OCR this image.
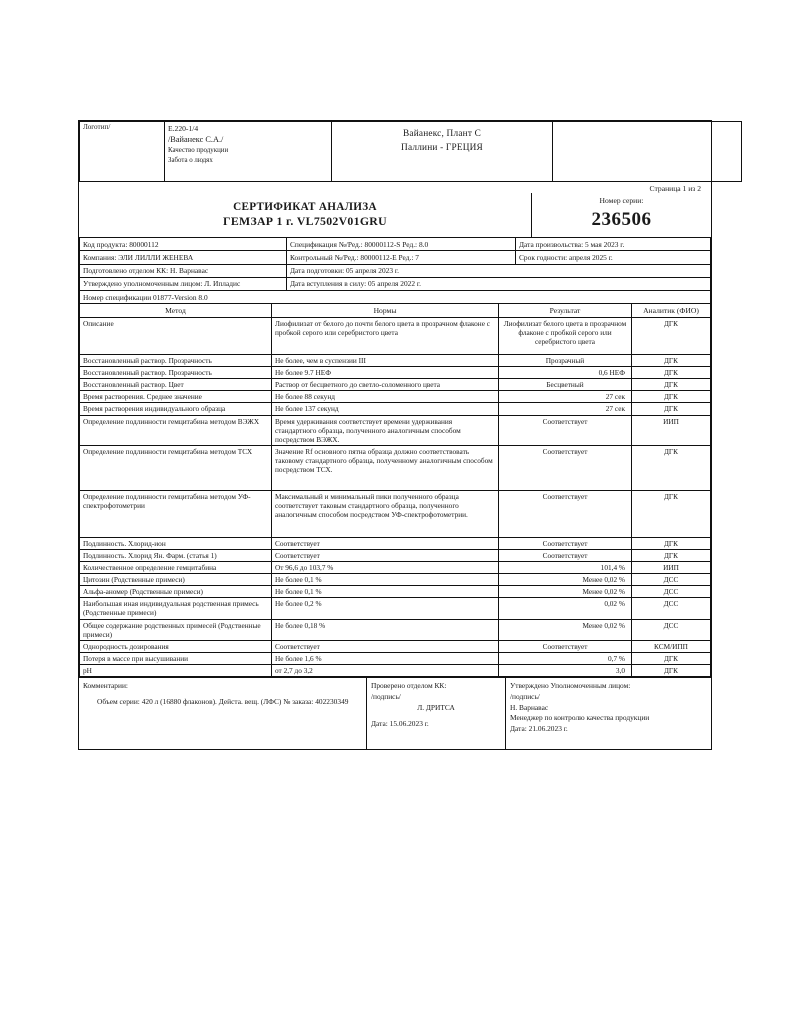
Логотип/	E.220-1/4
/Вайанекс С.А./
Качество продукции
Забота о людях

Вайанекс, Плант С
Паллини - ГРЕЦИЯ

	Страница 1 из 2
СЕРТИФИКАТ АНАЛИЗА
ГЕМЗАР 1 г. VL7502V01GRU

Номер серии:
236506
Код продукта: 80000112	Спецификация №/Ред.: 80000112-S Ред.: 8.0	Дата произвольства: 5 мая 2023 г.
Компания: ЭЛИ ЛИЛЛИ ЖЕНЕВА	Контрольный №/Ред.: 80000112-E Ред.: 7	Срок годности: апреля 2025 г.
Подготовлено отделом КК: Н. Варнавас	Дата подготовки: 05 апреля 2023 г.	
Утверждено уполномоченным лицом: Л. Ипладис	Дата вступления в силу: 05 апреля 2022 г.	
Номер спецификации 01877-Version 8.0		
Метод	Нормы	Результат	Аналитик (ФИО)
Описание	Лиофилизат от белого до почти белого цвета в прозрачном флаконе с пробкой серого или серебристого цвета	Лиофилизат белого цвета в прозрачном флаконе с пробкой серого или серебристого цвета	ДГК
Восстановленный раствор. Прозрачность	Не более, чем в суспензии III	Прозрачный	ДГК
Восстановленный раствор. Прозрачность	Не более 9.7 НЕФ	0,6 НЕФ	ДГК
Восстановленный раствор. Цвет	Раствор от бесцветного до светло-соломенного цвета	Бесцветный	ДГК
Время растворения. Среднее значение	Не более 88 секунд	27 сек	ДГК
Время растворения индивидуального образца	Не более 137 секунд	27 сек	ДГК
Определение подлинности гемцитабина методом ВЭЖХ	Время удерживания соответствует времени удерживания стандартного образца, полученного аналогичным способом посредством ВЭЖХ.	Соответствует	ИИП
Определение подлинности гемцитабина методом ТСХ	Значение Rf основного пятна образца должно соответствовать таковому стандартного образца, полученному аналогичным способом посредством ТСХ.	Соответствует	ДГК
Определение подлинности гемцитабина методом УФ-спектрофотометрии	Максимальный и минимальный пики полученного образца соответствует таковым стандартного образца, полученного аналогичным способом посредством УФ-спектрофотометрии.	Соответствует	ДГК
Подлинность. Хлорид-ион	Соответствует	Соответствует	ДГК
Подлинность. Хлорид Ян. Фарм. (статья 1)	Соответствует	Соответствует	ДГК
Количественное определение гемцитабина	От 96,6 до 103,7 %	101,4 %	ИИП
Цитозин (Родственные примеси)	Не более 0,1 %	Менее 0,02 %	ДСС
Альфа-аномер (Родственные примеси)	Не более 0,1 %	Менее 0,02 %	ДСС
Наибольшая иная индивидуальная родственная примесь (Родственные примеси)	Не более 0,2 %	0,02 %	ДСС
Общее содержание родственных примесей (Родственные примеси)	Не более 0,18 %	Менее 0,02 %	ДСС
Однородность дозирования	Соответствует	Соответствует	КСМ/ИПП
Потеря в массе при высушивании	Не более 1,6 %	0,7 %	ДГК
pH	от 2,7 до 3,2	3,0	ДГК
Комментарии:
Объем серии: 420 л (16880 флаконов). Дейста. вещ. (ЛФС) № заказа: 402230349

Проверено отделом КК:
/подпись/
Л. ДРИТСА
Дата: 15.06.2023 г.

Утверждено Уполномоченным лицом:
/подпись/
Н. Варнавас
Менеджер по контролю качества продукции
Дата: 21.06.2023 г.
